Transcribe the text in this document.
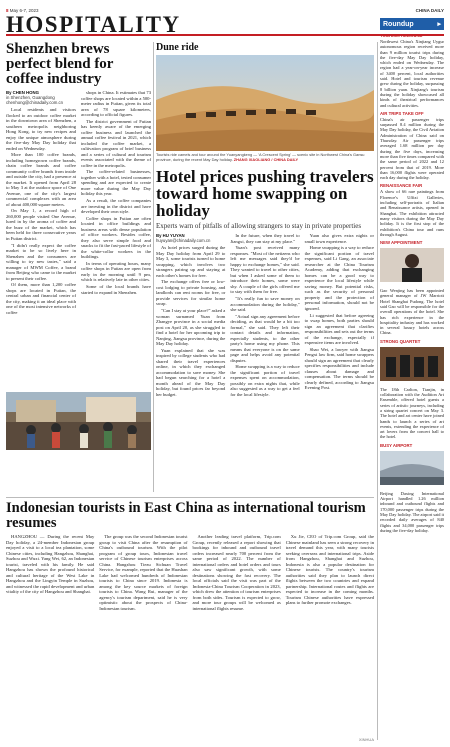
8 May 6-7, 2023	CHINA DAILY
HOSPITALITY
Shenzhen brews perfect blend for coffee industry
By CHEN HONG
in Shenzhen, Guangdong
chenhong@chinadaily.com.cn

Local residents and visitors flocked to an outdoor coffee market in the downtown area of Shenzhen, a southern metropolis neighboring Hong Kong, to try new recipes and enjoy the unique atmosphere during the five-day May Day holiday that ended on Wednesday.

More than 100 coffee brands, including homegrown coffee brands, chain coffee brands and coffee community coffee brands from inside and outside the city, had a presence at the market. It opened from April 28 to May 3 at the outdoor space of One Avenue, one of the city's largest commercial complexes with an area of about 400,000 square meters.

On May 1, a record high of 260,000 people visited One Avenue, lured in by the aroma of coffee and the buzz of the market, which has been held for three consecutive years in Futian district.

"I didn't really expect the coffee market to be so lively here in Shenzhen and the consumers are willing to try new tastes," said a manager of MWM Coffee, a brand from Beijing who came to the market to present their coffee.

Of them, more than 1,200 coffee shops are located in Futian, the central urban and financial center of the city, making it an ideal place with one of the most intensive networks of coffee

shops in China. It estimates that 73 coffee shops are located within a 500-meter radius in Futian, given its total area of 78 square kilometers, according to official figures.

The district government of Futian has keenly aware of the emerging coffee business and launched the annual coffee festival in 2021, which included the coffee market, a cultivation program of brief business and a series of cultural and tourism events associated with the theme of coffee in the metropolis.

The coffee-related businesses, together with a hotel, tested consumer spending and are expected to create more value during the May Day holiday this year.

As a result, the coffee companies are investing in the district and have developed their own style.

Coffee shops in Futian are often located in office buildings and business areas with dense population of office workers. Besides coffee, they also serve simple food and snacks to fit the fast-paced lifestyle of the white-collar workers in the buildings.

In terms of operating hours, many coffee shops in Futian are open from early in the morning until 9 pm, which is relatively late in other cities.

Some of the local brands have started to expand in Shenzhen.

Dune ride
Tourists ride camels and tour around the Yuanyangkeng — 'A Crescent Spring' — scenic site in Northwest China's Gansu province, during the recent May Day holiday. ZHANG XIAOLIANG / CHINA DAILY
Hotel prices pushing travelers toward home swapping on holiday
Experts warn of pitfalls of allowing strangers to stay in private properties
By HU YUYAN
huyuyan@chinadaily.com.cn

As hotel prices surged during the May Day holiday from April 29 to May 3, some tourists turned to home swapping, which involves two strangers pairing up and staying at each other's homes for free.

The exchange offers free or low-cost lodging to private housing, and landlords can rent rooms for free, or provide services for similar home swap.

"Can I stay at your place?" asked a woman surnamed Yuan from Zhangye province in a social media post on April 20, as she struggled to find a hotel for her upcoming trip to Nanjing, Jiangsu province, during the May Day holiday.

Yuan explained that she was inspired by college students who had shared their travel experiences online, in which they exchanged accommodation to save money. She had begun searching for a hotel a month ahead of the May Day holiday, but found prices far beyond her budget.

In the future, when they travel to Jiangxi, they can stay at my place."

Yuan's post received many responses. "Most of the netizens who left me messages said they'd be happy to exchange homes," she said. They wanted to travel to other cities, but when I asked some of them to introduce their homes, some were shy. A couple of the girls offered me to stay with them for free.

"It's really fun to save money on accommodation during the holiday," she said.

"Actual sign any agreement before deciding, as that would be a bit too formal," she said. They left their contact details and information, especially students, to the other party's home using my phone. This means that everyone is on the same page and helps avoid any potential disputes.

Home swapping is a way to reduce the significant portion of travel expenses spent on accommodation, possibly on extra nights that, while also suggested as a way to get a feel for the local lifestyle.

Yuan also gives extra nights or small town experience.

Home swapping is a way to reduce the significant portion of travel expenses, said Li Gang, an associate researcher at the China Tourism Academy, adding that exchanging homes can be a good way to experience the local lifestyle while saving money. But potential risks, such as the security of personal property and the protection of personal information, should not be ignored.

Li suggested that before agreeing to swap homes, both parties should sign an agreement that clarifies responsibilities and sets out the terms of the exchange, especially if expensive items are involved.

Shao Wei, a lawyer with Jiangsu Fengxi law firm, said home swappers should sign an agreement that clearly specifies responsibilities and include clauses about damage and compensation. The terms should be clearly defined, according to Jiangsu Evening Post.

Indonesian tourists in East China as international tourism resumes

HANGZHOU — During the recent May Day holiday, a 24-member Indonesian group enjoyed a visit to a local tea plantation, some Chinese cities, including Hangzhou, Shanghai, Suzhou and Wuxi. Yang Wei, 62, an Indonesian tourist, traveled with his family. He said Hangzhou has shown the profound historical and cultural heritage of the West Lake in Hangzhou and the Lingyin Temple in Suzhou, and witnessed the rapid development and urban vitality of the city of Hangzhou and Shanghai.

The group was the second Indonesian tourist group to visit China after the resumption of China's outbound tourism. With the pilot program of group tours, Indonesian travel service of Chinese tourism enterprises across China. Hangzhou Tiezu Sichuan Travel Service, for example, reported that the Huashan Lake had welcomed hundreds of Indonesian tourists to China since 2019. Indonesia is among the key source markets of foreign tourists to China. Wang Rui, manager of the agency's tourism department, said he is very optimistic about the prospects of China-Indonesian tourism.

Another leading travel platform, Trip.com Group, recently released a report showing that bookings for inbound and outbound travel orders increased nearly 700 percent from the same period of 2022. The number of international orders and hotel orders and tours also saw significant growth, with some destinations showing the fast recovery. The local officials said the visit was part of the Indonesia-China Tourism Cooperation in 2023, which drew the attention of tourism enterprises from both sides. Tourism is expected to grow, and more tour groups will be welcomed as international flights resume.

Xu Jie, CEO of Trip.com Group, said the Chinese mainland has seen a strong recovery in travel demand this year, with many tourists seeking overseas and international trips. Aside from Hangzhou, Shanghai and Suzhou, Indonesia is also a popular destination for Chinese tourists. The country's tourism authorities said they plan to launch direct flights between the two countries and expand partnership. International routes and flights are expected to increase in the coming months. Tourism Chinese authorities have expressed plans to further promote exchanges.

XINHUA
Roundup	▸
TOURISM REBOUND
Northwest China's Xinjiang Uygur autonomous region received more than 9 million tourist trips during the five-day May Day holiday, which ended on Wednesday. The region had a year-on-year increase of 3400 percent, local authorities said. Hotel and tourism revenue grew during the holiday, surpassing 8 billion yuan. Xinjiang's tourism during the holiday showcased all kinds of theatrical performances and cultural activities.
AIR TRIPS TAKE OFF
China's air passenger trips surpassed 8.4 million during the May Day holiday, the Civil Aviation Administration of China said on Thursday. Air passenger trips averaged 1.68 million per day during the five days, increasing more than five times compared with the same period of 2022 and 12 percent from that of 2019. More than 16,000 flights were operated each day during the holiday.
RENAISSANCE FAIR
A show of 66 rare paintings from Florence's Uffizi Galleries, including self-portraits of Italian and Renaissance artists, opened in Shanghai. The exhibition attracted many visitors during the May Day holiday. It is the first stop of the exhibition's China tour and runs through August.
NEW APPOINTMENT
Gao Wenjing has been appointed general manager of JW Marriott Hotel Shanghai Pudong. The hotel said Gao will be responsible for the overall operations of the hotel. She has rich experience in the hospitality industry and has worked in several luxury hotels across China.
STRONG QUARTET
The 18th Carlton, Tianjin, in collaboration with the Audition Art Ensemble, offered hotel guests a series of artistic journeys, including a string quartet concert on May 3. The hotel and art center have joined hands to launch a series of art events, extending the experience of art lovers from the concert hall to the hotel.
BUSY AIRPORT
Beijing Daxing International Airport handled 1.26 million inbound and outbound flights and 170,000 passenger trips during the May Day holiday. The airport said it recorded daily averages of 840 flights and 34,000 passenger trips during the five-day holiday.
